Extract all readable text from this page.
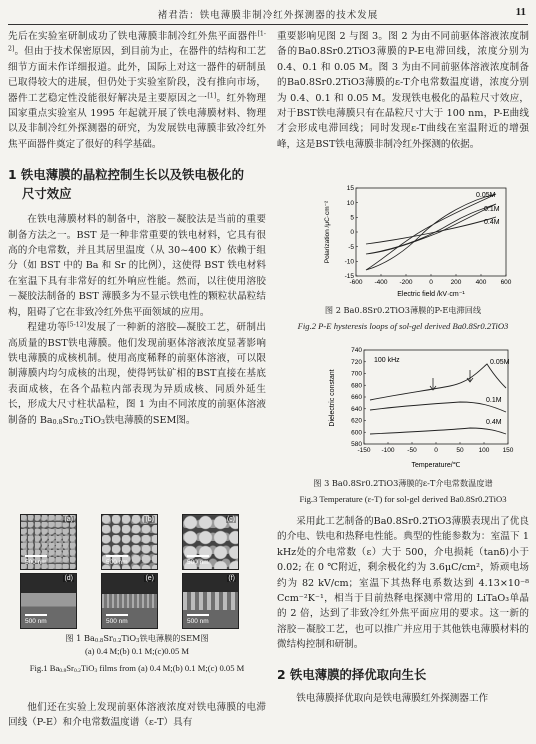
褚君浩：铁电薄膜非制冷红外探测器的技术发展	11

先后在实验室研制成功了铁电薄膜非制冷红外焦平面器件[1-2]。但由于技术保密原因，到目前为止，在器件的结构和工艺细节方面未作详细报道。此外，国际上对这一器件的研制虽已取得较大的进展，但仍处于实验室阶段，没有推向市场，器件工艺稳定性没能很好解决是主要原因之一[1]。红外物理国家重点实验室从 1995 年起就开展了铁电薄膜材料、物理以及非制冷红外探测器的研究，为发展铁电薄膜非致冷红外焦平面器件奠定了很好的科学基础。

1 铁电薄膜的晶粒控制生长以及铁电极化的
尺寸效应

在铁电薄膜材料的制备中，溶胶－凝胶法是当前的重要制备方法之一。BST 是一种非常重要的铁电材料，它具有很高的介电常数，并且其居里温度（从 30~400 K）依赖于组分（如 BST 中的 Ba 和 Sr 的比例），这使得 BST 铁电材料在室温下具有非常好的红外响应性能。然而，以往使用溶胶－凝胶法制备的 BST 薄膜多为不显示铁电性的颗粒状晶粒结构，阻碍了它在非致冷红外焦平面领域的应用。

程建功等[5-12]发展了一种新的溶胶—凝胶工艺，研制出高质量的BST铁电薄膜。他们发现前驱体溶液浓度显著影响铁电薄膜的成核机制。使用高度稀释的前驱体溶液，可以限制薄膜内均匀成核的出现，使得钙钛矿相的BST直接在基底表面成核，在各个晶粒内部表现为异质成核、同质外延生长，形成大尺寸柱状晶粒，图 1 为由不同浓度的前驱体溶液制备的 $Ba_{0.8}Sr_{0.2}TiO_3$铁电薄膜的SEM图。

(a)
500 nm
(b)
500 nm
(c)
500 nm
(d)
500 nm
(e)
500 nm
(f)
500 nm
图 1 $Ba_{0.8}Sr_{0.2}TiO_3$铁电薄膜的SEM图
(a) 0.4 M;(b) 0.1 M;(c)0.05 M
Fig.1 $Ba_{0.8}Sr_{0.2}TiO_3$ films from (a) 0.4 M;(b) 0.1 M;(c) 0.05 M

他们还在实验上发现前驱体溶液浓度对铁电薄膜的电滞回线（P-E）和介电常数温度谱（ε-T）具有

重要影响见图 2 与图 3。图 2 为由不同前驱体溶液浓度制备的Ba0.8Sr0.2TiO3薄膜的P-E电滞回线，浓度分别为 0.4、0.1 和 0.05 M。图 3 为由不同前驱体溶液浓度制备的Ba0.8Sr0.2TiO3薄膜的ε-T介电常数温度谱，浓度分别为 0.4、0.1 和 0.05 M。发现铁电极化的晶粒尺寸效应，对于BST铁电薄膜只有在晶粒尺寸大于 100 nm，P-E曲线才会形成电滞回线；同时发现ε-T曲线在室温附近的增强峰，这是BST铁电薄膜非制冷红外探测的依据。

15
10
5
0
-5
-10
-15
-600 -400 -200	0	200 400 600
0.05M
0.1M
0.4M
Polarization /μC·cm⁻²
Electric field /kV·cm⁻¹
图 2 Ba0.8Sr0.2TiO3薄膜的P-E电滞回线
Fig.2 P-E hysteresis loops of sol-gel derived Ba0.8Sr0.2TiO3
740
720
700
680
660
640
620
600
580
-150 -100 -50	0	50 100 150
100 kHz	0.05M
0.1M
0.4M
Dielectric constant
Temperature/℃
图 3 Ba0.8Sr0.2TiO3薄膜的ε-T介电常数温度谱
Fig.3 Temperature (ε-T) for sol-gel derived Ba0.8Sr0.2TiO3

采用此工艺制备的Ba0.8Sr0.2TiO3薄膜表现出了优良的介电、铁电和热释电性能。典型的性能参数为：室温下 1 kHz处的介电常数（ε）大于 500，介电损耗（tanδ)小于 0.02; 在 0 ℃附近，剩余极化约为 3.6μC/cm²，矫顽电场约为 82 kV/cm；室温下其热释电系数达到 4.13×10⁻⁸ Ccm⁻²K⁻¹，相当于目前热释电探测中常用的 LiTaO₃单晶的 2 倍，达到了非致冷红外焦平面应用的要求。这一新的溶胶－凝胶工艺，也可以推广并应用于其他铁电薄膜材料的微结构控制和研制。

2 铁电薄膜的择优取向生长

铁电薄膜择优取向是铁电薄膜红外探测器工作
